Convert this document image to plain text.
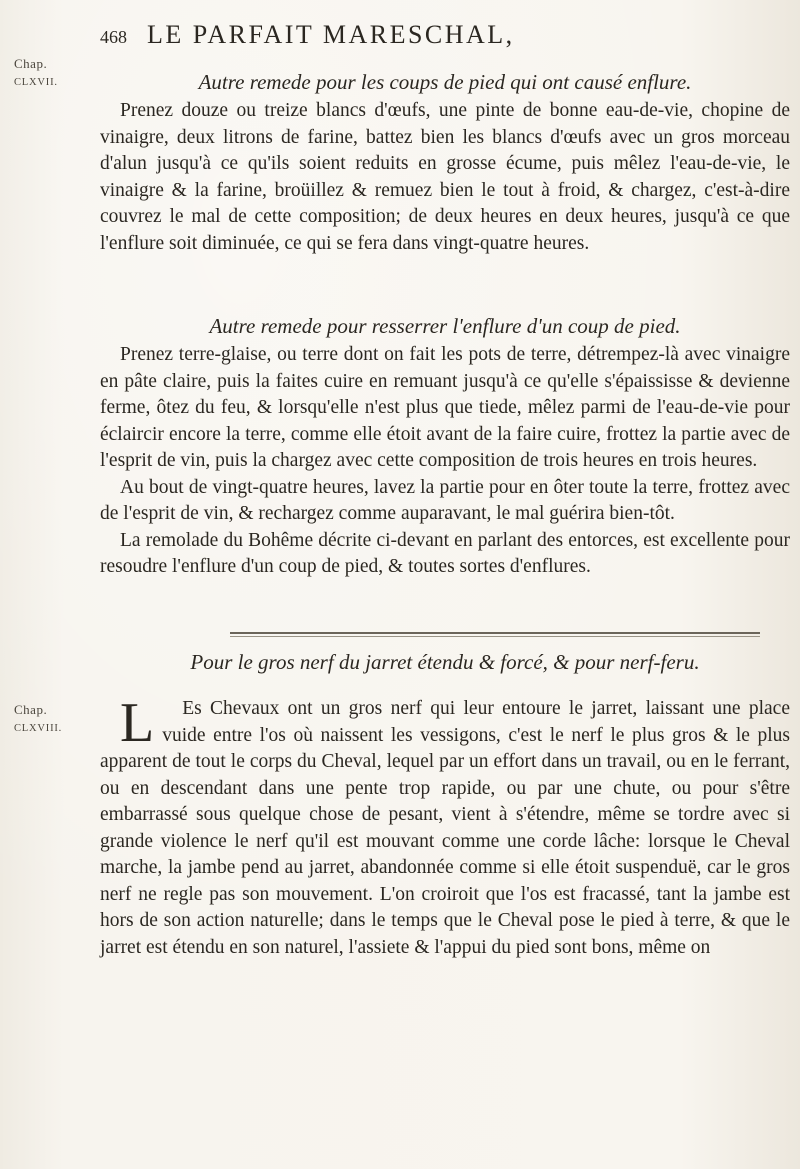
Chap.
CLXVII.
468 LE PARFAIT MARESCHAL,
Autre remede pour les coups de pied qui ont causé enflure.

Prenez douze ou treize blancs d'œufs, une pinte de bonne eau-de-vie, chopine de vinaigre, deux litrons de farine, battez bien les blancs d'œufs avec un gros morceau d'alun jusqu'à ce qu'ils soient reduits en grosse écume, puis mêlez l'eau-de-vie, le vinaigre & la farine, broüillez & remuez bien le tout à froid, & chargez, c'est-à-dire couvrez le mal de cette composition; de deux heures en deux heures, jusqu'à ce que l'enflure soit diminuée, ce qui se fera dans vingt-quatre heures.

Autre remede pour resserrer l'enflure d'un coup de pied.

Prenez terre-glaise, ou terre dont on fait les pots de terre, détrempez-là avec vinaigre en pâte claire, puis la faites cuire en remuant jusqu'à ce qu'elle s'épaississe & devienne ferme, ôtez du feu, & lorsqu'elle n'est plus que tiede, mêlez parmi de l'eau-de-vie pour éclaircir encore la terre, comme elle étoit avant de la faire cuire, frottez la partie avec de l'esprit de vin, puis la chargez avec cette composition de trois heures en trois heures.

Au bout de vingt-quatre heures, lavez la partie pour en ôter toute la terre, frottez avec de l'esprit de vin, & rechargez comme auparavant, le mal guérira bien-tôt.

La remolade du Bohême décrite ci-devant en parlant des entorces, est excellente pour resoudre l'enflure d'un coup de pied, & toutes sortes d'enflures.

Pour le gros nerf du jarret étendu & forcé, & pour nerf-feru.
Chap.
CLXVIII.	L Es Chevaux ont un gros nerf qui leur entoure le jarret, laissant une place vuide entre l'os où naissent les vessigons, c'est le nerf le plus gros & le plus apparent de tout le corps du Cheval, lequel par un effort dans un travail, ou en le ferrant, ou en descendant dans une pente trop rapide, ou par une chute, ou pour s'être embarrassé sous quelque chose de pesant, vient à s'étendre, même se tordre avec si grande violence le nerf qu'il est mouvant comme une corde lâche: lorsque le Cheval marche, la jambe pend au jarret, abandonnée comme si elle étoit suspenduë, car le gros nerf ne regle pas son mouvement. L'on croiroit que l'os est fracassé, tant la jambe est hors de son action naturelle; dans le temps que le Cheval pose le pied à terre, & que le jarret est étendu en son naturel, l'assiete & l'appui du pied sont bons, même on
